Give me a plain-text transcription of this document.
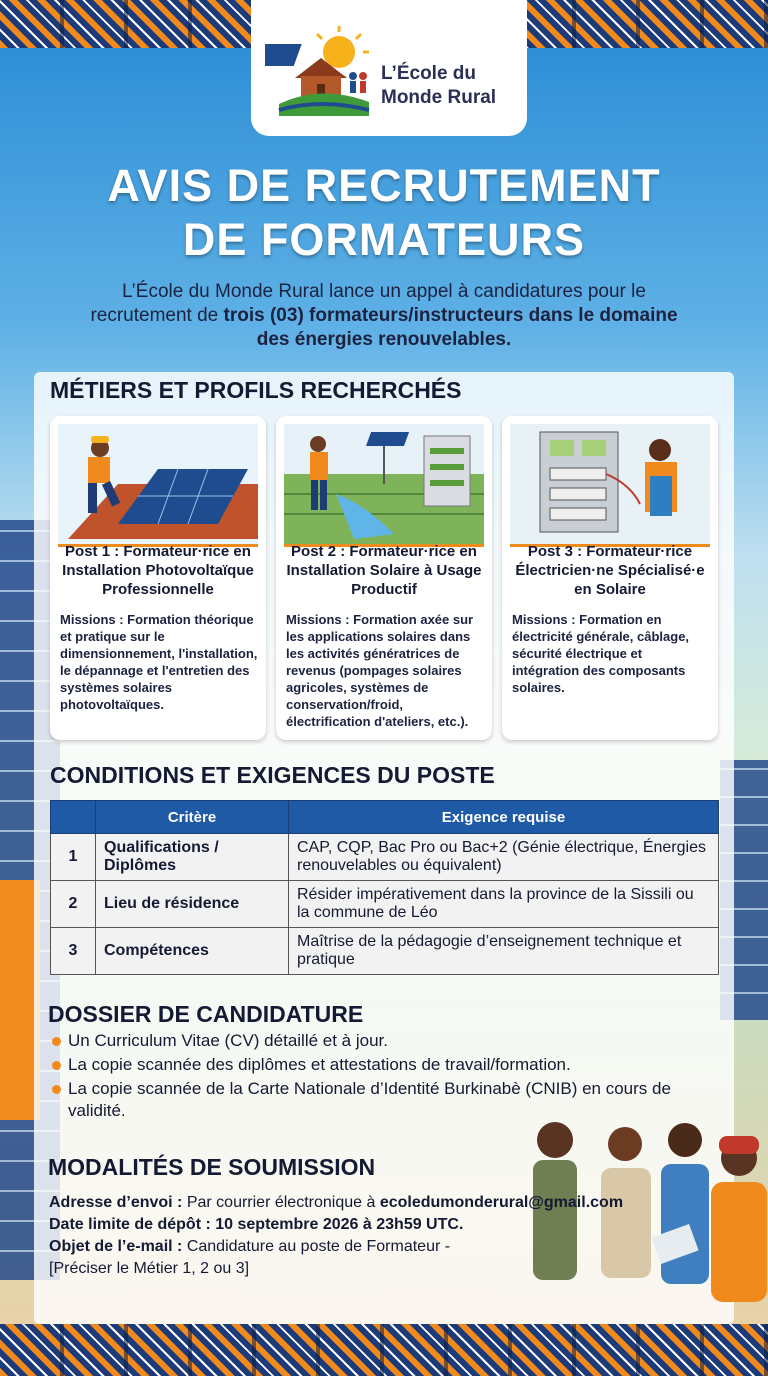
L’École du
Monde Rural
AVIS DE RECRUTEMENT
DE FORMATEURS
L’École du Monde Rural lance un appel à candidatures pour le recrutement de trois (03) formateurs/instructeurs dans le domaine des énergies renouvelables.
MÉTIERS ET PROFILS RECHERCHÉS
Post 1 : Formateur·rice en Installation Photovoltaïque Professionnelle
Missions : Formation théorique et pratique sur le dimensionnement, l'installation, le dépannage et l'entretien des systèmes solaires photovoltaïques.
Post 2 : Formateur·rice en Installation Solaire à Usage Productif
Missions : Formation axée sur les applications solaires dans les activités génératrices de revenus (pompages solaires agricoles, systèmes de conservation/froid, électrification d'ateliers, etc.).
Post 3 : Formateur·rice Électricien·ne Spécialisé·e en Solaire
Missions : Formation en électricité générale, câblage, sécurité électrique et intégration des composants solaires.
CONDITIONS ET EXIGENCES DU POSTE
	Critère	Exigence requise
1	Qualifications / Diplômes	CAP, CQP, Bac Pro ou Bac+2 (Génie électrique, Énergies renouvelables ou équivalent)
2	Lieu de résidence	Résider impérativement dans la province de la Sissili ou la commune de Léo
3	Compétences	Maîtrise de la pédagogie d’enseignement technique et pratique
DOSSIER DE CANDIDATURE
Un Curriculum Vitae (CV) détaillé et à jour.
La copie scannée des diplômes et attestations de travail/formation.
La copie scannée de la Carte Nationale d’Identité Burkinabè (CNIB) en cours de validité.
MODALITÉS DE SOUMISSION
Adresse d’envoi : Par courrier électronique à ecoledumonderural@gmail.com
Date limite de dépôt : 10 septembre 2026 à 23h59 UTC.
Objet de l’e-mail : Candidature au poste de Formateur -
[Préciser le Métier 1, 2 ou 3]
